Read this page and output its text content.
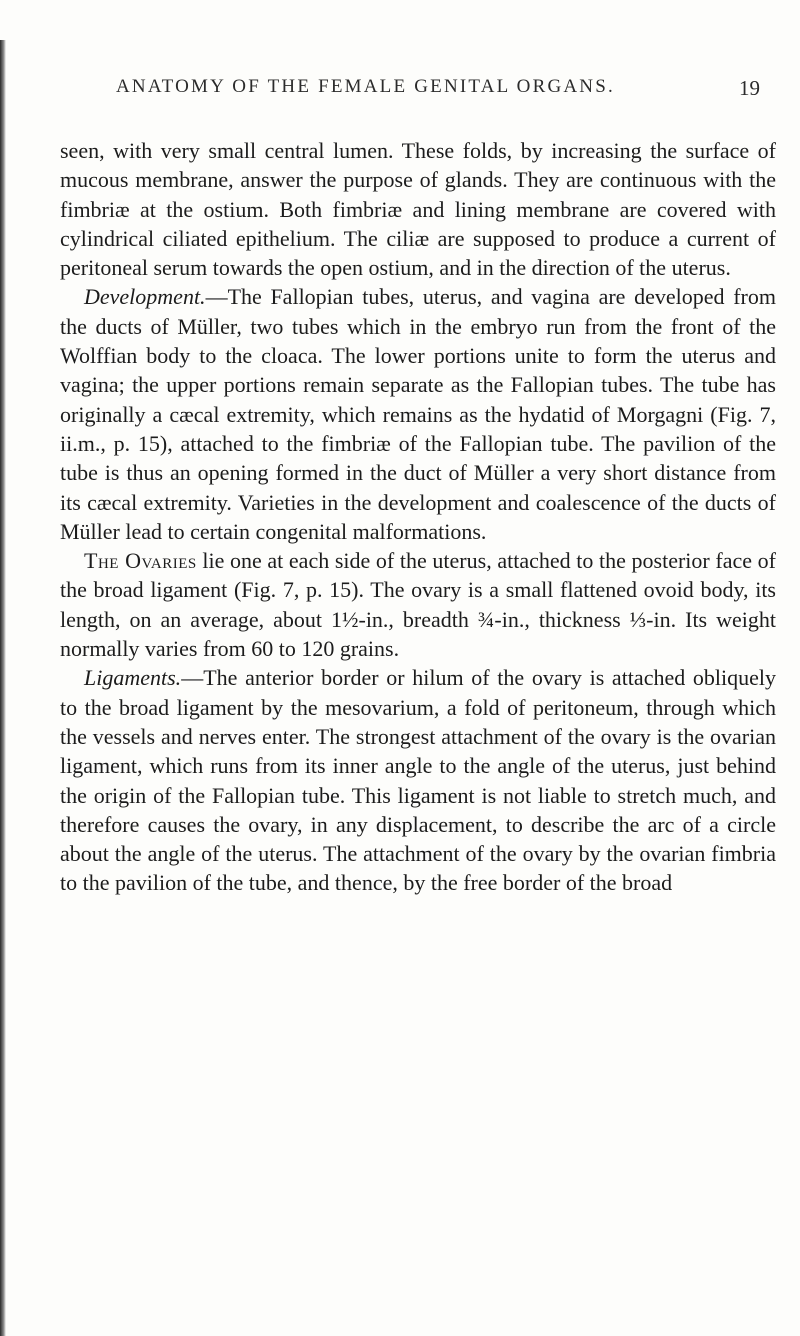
ANATOMY OF THE FEMALE GENITAL ORGANS.	19

seen, with very small central lumen. These folds, by increasing the surface of mucous membrane, answer the purpose of glands. They are continuous with the fimbriæ at the ostium. Both fimbriæ and lining membrane are covered with cylindrical ciliated epithelium. The ciliæ are supposed to produce a current of peritoneal serum towards the open ostium, and in the direction of the uterus.

Development.—The Fallopian tubes, uterus, and vagina are developed from the ducts of Müller, two tubes which in the embryo run from the front of the Wolffian body to the cloaca. The lower portions unite to form the uterus and vagina; the upper portions remain separate as the Fallopian tubes. The tube has originally a cæcal extremity, which remains as the hydatid of Morgagni (Fig. 7, ii.m., p. 15), attached to the fimbriæ of the Fallopian tube. The pavilion of the tube is thus an opening formed in the duct of Müller a very short distance from its cæcal extremity. Varieties in the development and coalescence of the ducts of Müller lead to certain congenital malformations.

The Ovaries lie one at each side of the uterus, attached to the posterior face of the broad ligament (Fig. 7, p. 15). The ovary is a small flattened ovoid body, its length, on an average, about 1½-in., breadth ¾-in., thickness ⅓-in. Its weight normally varies from 60 to 120 grains.

Ligaments.—The anterior border or hilum of the ovary is attached obliquely to the broad ligament by the mesovarium, a fold of peritoneum, through which the vessels and nerves enter. The strongest attachment of the ovary is the ovarian ligament, which runs from its inner angle to the angle of the uterus, just behind the origin of the Fallopian tube. This ligament is not liable to stretch much, and therefore causes the ovary, in any displacement, to describe the arc of a circle about the angle of the uterus. The attachment of the ovary by the ovarian fimbria to the pavilion of the tube, and thence, by the free border of the broad
